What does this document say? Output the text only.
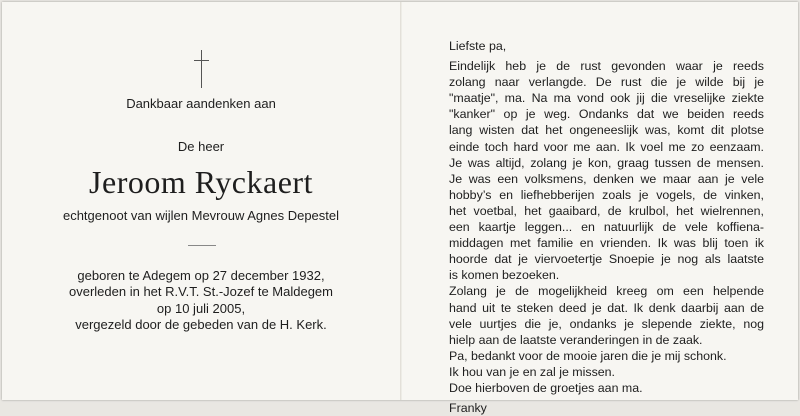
Dankbaar aandenken aan
De heer
Jeroom Ryckaert
echtgenoot van wijlen Mevrouw Agnes Depestel
geboren te Adegem op 27 december 1932,
overleden in het R.V.T. St.-Jozef te Maldegem
op 10 juli 2005,
vergezeld door de gebeden van de H. Kerk.
Liefste pa,
Eindelijk heb je de rust gevonden waar je reeds
zolang naar verlangde. De rust die je wilde bij je
"maatje", ma. Na ma vond ook jij die vreselijke ziekte
"kanker" op je weg. Ondanks dat we beiden reeds
lang wisten dat het ongeneeslijk was, komt dit plotse
einde toch hard voor me aan. Ik voel me zo eenzaam.
Je was altijd, zolang je kon, graag tussen de mensen.
Je was een volksmens, denken we maar aan je vele
hobby’s en liefhebberijen zoals je vogels, de vinken,
het voetbal, het gaaibard, de krulbol, het wielrennen,
een kaartje leggen... en natuurlijk de vele koffiena-
middagen met familie en vrienden. Ik was blij toen ik
hoorde dat je viervoetertje Snoepie je nog als laatste
is komen bezoeken.
Zolang je de mogelijkheid kreeg om een helpende
hand uit te steken deed je dat. Ik denk daarbij aan de
vele uurtjes die je, ondanks je slepende ziekte, nog
hielp aan de laatste veranderingen in de zaak.
Pa, bedankt voor de mooie jaren die je mij schonk.
Ik hou van je en zal je missen.
Doe hierboven de groetjes aan ma.
Franky
